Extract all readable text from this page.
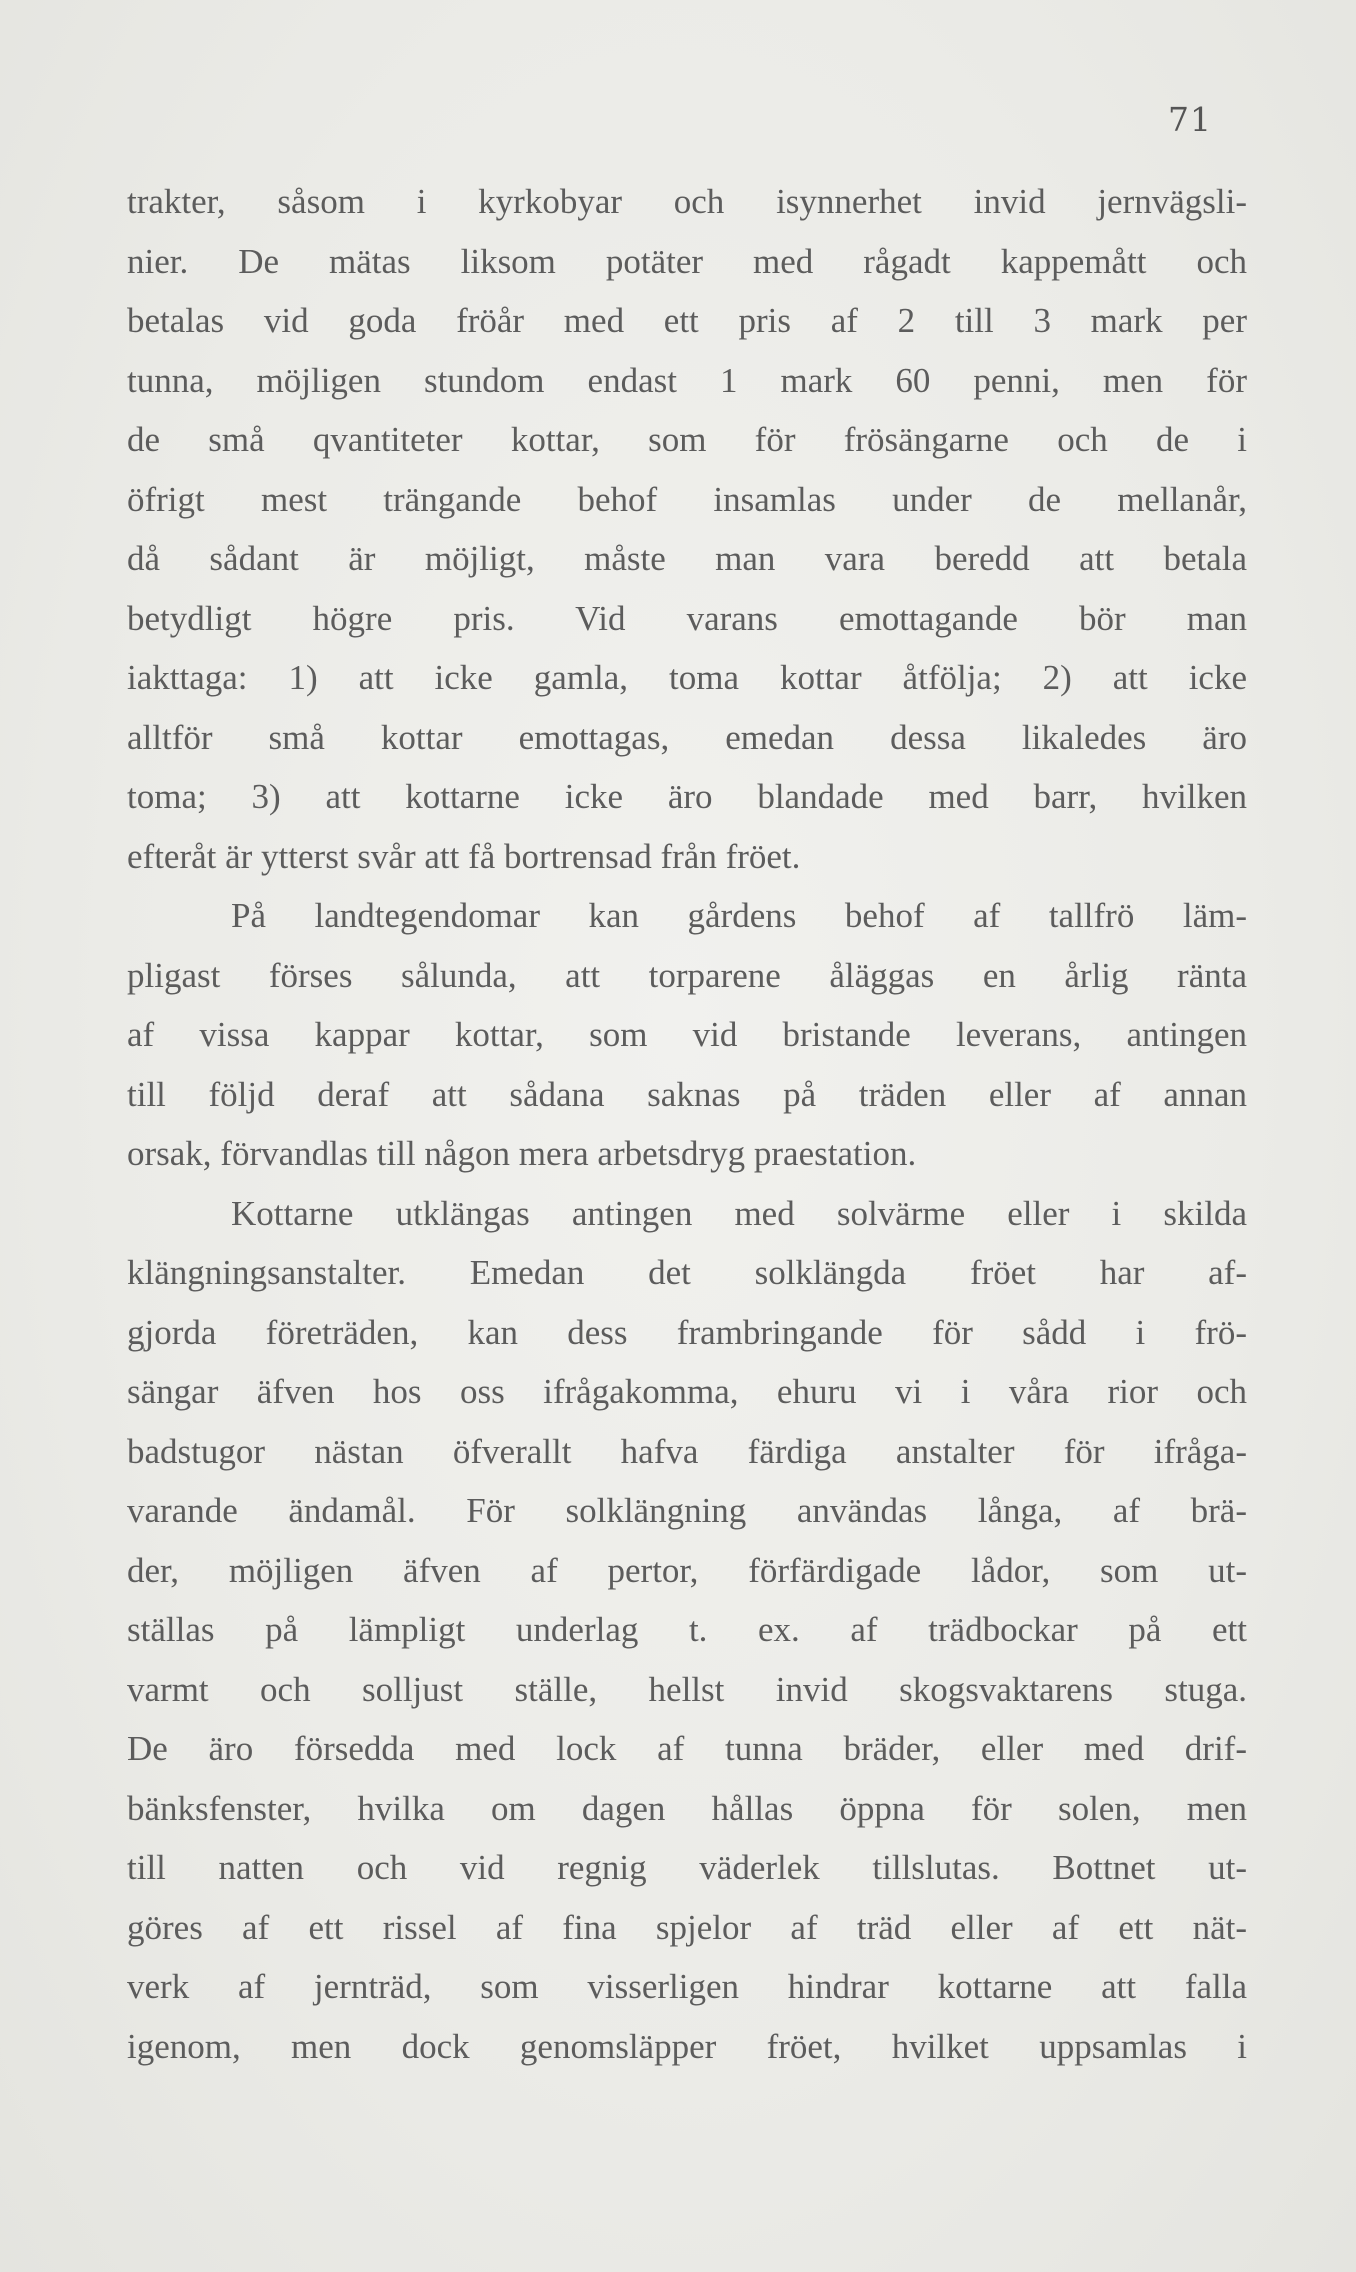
71
trakter, såsom i kyrkobyar och isynnerhet invid jernvägsli-
nier. De mätas liksom potäter med rågadt kappemått och
betalas vid goda fröår med ett pris af 2 till 3 mark per
tunna, möjligen stundom endast 1 mark 60 penni, men för
de små qvantiteter kottar, som för frösängarne och de i
öfrigt mest trängande behof insamlas under de mellanår,
då sådant är möjligt, måste man vara beredd att betala
betydligt högre pris. Vid varans emottagande bör man
iakttaga: 1) att icke gamla, toma kottar åtfölja; 2) att icke
alltför små kottar emottagas, emedan dessa likaledes äro
toma; 3) att kottarne icke äro blandade med barr, hvilken
efteråt är ytterst svår att få bortrensad från fröet.
På landtegendomar kan gårdens behof af tallfrö läm-
pligast förses sålunda, att torparene åläggas en årlig ränta
af vissa kappar kottar, som vid bristande leverans, antingen
till följd deraf att sådana saknas på träden eller af annan
orsak, förvandlas till någon mera arbetsdryg praestation.
Kottarne utklängas antingen med solvärme eller i skilda
klängningsanstalter. Emedan det solklängda fröet har af-
gjorda företräden, kan dess frambringande för sådd i frö-
sängar äfven hos oss ifrågakomma, ehuru vi i våra rior och
badstugor nästan öfverallt hafva färdiga anstalter för ifråga-
varande ändamål. För solklängning användas långa, af brä-
der, möjligen äfven af pertor, förfärdigade lådor, som ut-
ställas på lämpligt underlag t. ex. af trädbockar på ett
varmt och solljust ställe, hellst invid skogsvaktarens stuga.
De äro försedda med lock af tunna bräder, eller med drif-
bänksfenster, hvilka om dagen hållas öppna för solen, men
till natten och vid regnig väderlek tillslutas. Bottnet ut-
göres af ett rissel af fina spjelor af träd eller af ett nät-
verk af jernträd, som visserligen hindrar kottarne att falla
igenom, men dock genomsläpper fröet, hvilket uppsamlas i
